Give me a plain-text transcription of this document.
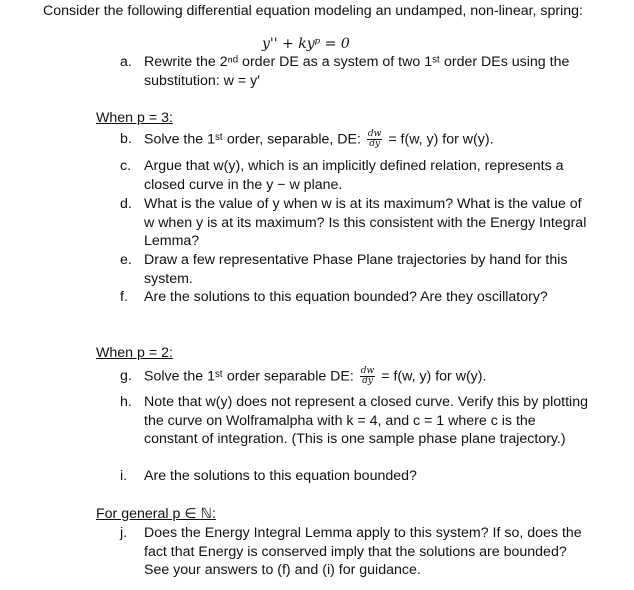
Consider the following differential equation modeling an undamped, non-linear, spring:
y'' + kyᵖ = 0
a. Rewrite the 2ⁿᵈ order DE as a system of two 1ˢᵗ order DEs using the substitution: w = y′
When p = 3:
b. Solve the 1ˢᵗ order, separable, DE: $\frac{dw}{dy} = f(w$, y) for w(y).
c. Argue that w(y), which is an implicitly defined relation, represents a closed curve in the y − w plane.
d. What is the value of y when w is at its maximum? What is the value of w when y is at its maximum? Is this consistent with the Energy Integral Lemma?
e. Draw a few representative Phase Plane trajectories by hand for this system.
f. Are the solutions to this equation bounded? Are they oscillatory?
When p = 2:
g. Solve the 1ˢᵗ order separable DE: $\frac{dw}{dy} = f(w$, y) for w(y).
h. Note that w(y) does not represent a closed curve. Verify this by plotting the curve on Wolframalpha with k = 4, and c = 1 where c is the constant of integration. (This is one sample phase plane trajectory.)
i. Are the solutions to this equation bounded?
For general p ∈ ℕ:
j. Does the Energy Integral Lemma apply to this system? If so, does the fact that Energy is conserved imply that the solutions are bounded? See your answers to (f) and (i) for guidance.
